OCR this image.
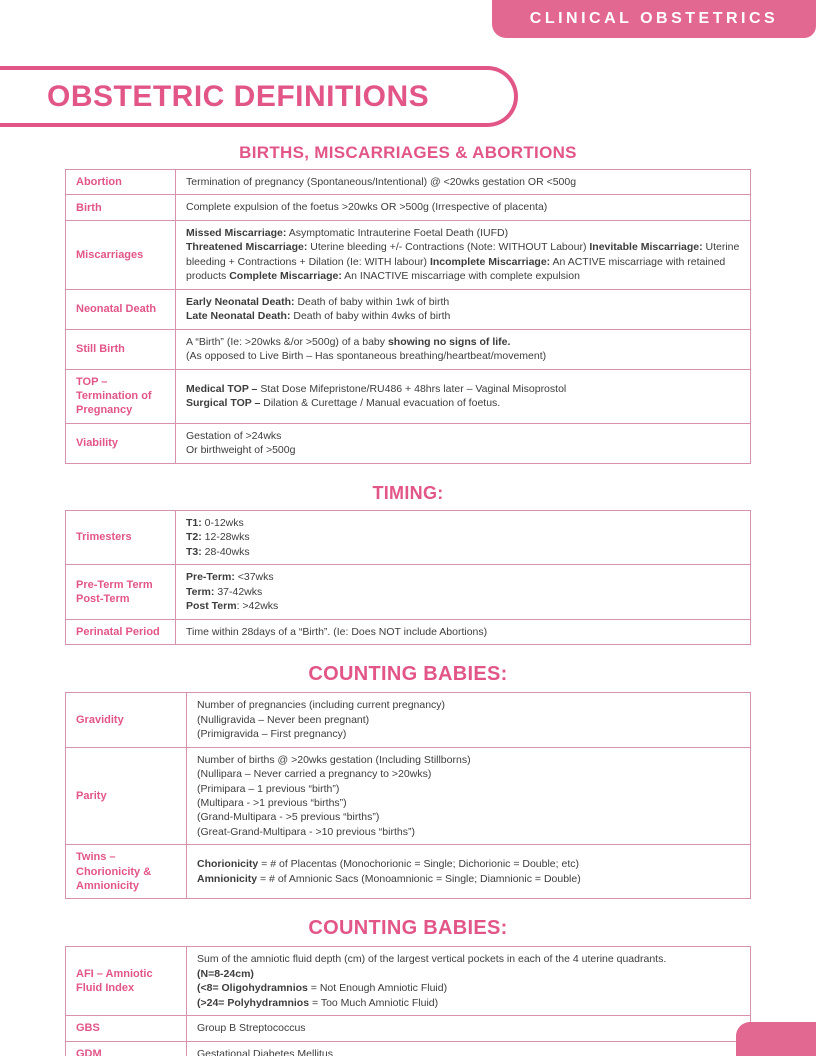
CLINICAL OBSTETRICS
OBSTETRIC DEFINITIONS
BIRTHS, MISCARRIAGES & ABORTIONS
Abortion	Termination of pregnancy (Spontaneous/Intentional) @ <20wks gestation OR <500g

Birth	Complete expulsion of the foetus >20wks OR >500g (Irrespective of placenta)

Miscarriages	Missed Miscarriage: Asymptomatic Intrauterine Foetal Death (IUFD)
Threatened Miscarriage: Uterine bleeding +/- Contractions (Note: WITHOUT Labour) Inevitable Miscarriage: Uterine bleeding + Contractions + Dilation (Ie: WITH labour) Incomplete Miscarriage: An ACTIVE miscarriage with retained products Complete Miscarriage: An INACTIVE miscarriage with complete expulsion

Neonatal Death	Early Neonatal Death: Death of baby within 1wk of birth
Late Neonatal Death: Death of baby within 4wks of birth

Still Birth	A “Birth” (Ie: >20wks &/or >500g) of a baby showing no signs of life.
(As opposed to Live Birth – Has spontaneous breathing/heartbeat/movement)

TOP – Termination of Pregnancy	Medical TOP – Stat Dose Mifepristone/RU486 + 48hrs later – Vaginal Misoprostol
Surgical TOP – Dilation & Curettage / Manual evacuation of foetus.

Viability	Gestation of >24wks
Or birthweight of >500g
TIMING:
Trimesters	T1: 0-12wks
T2: 12-28wks
T3: 28-40wks

Pre-Term Term Post-Term	Pre-Term: <37wks
Term: 37-42wks
Post Term: >42wks

Perinatal Period	Time within 28days of a “Birth”. (Ie: Does NOT include Abortions)
COUNTING BABIES:
Gravidity	Number of pregnancies (including current pregnancy)
(Nulligravida – Never been pregnant)
(Primigravida – First pregnancy)

Parity	
Number of births @ >20wks gestation (Including Stillborns)
(Nullipara – Never carried a pregnancy to >20wks)
(Primipara – 1 previous “birth”)
(Multipara - >1 previous “births”)
(Grand-Multipara - >5 previous “births”)
(Great-Grand-Multipara - >10 previous “births”)

Twins – Chorionicity & Amnionicity	Chorionicity = # of Placentas (Monochorionic = Single; Dichorionic = Double; etc)
Amnionicity = # of Amnionic Sacs (Monoamnionic = Single; Diamnionic = Double)
COUNTING BABIES:
AFI – Amniotic Fluid Index	Sum of the amniotic fluid depth (cm) of the largest vertical pockets in each of the 4 uterine quadrants.
(N=8-24cm)
(<8= Oligohydramnios = Not Enough Amniotic Fluid)
(>24= Polyhydramnios = Too Much Amniotic Fluid)

GBS	Group B Streptococcus

GDM	Gestational Diabetes Mellitus
